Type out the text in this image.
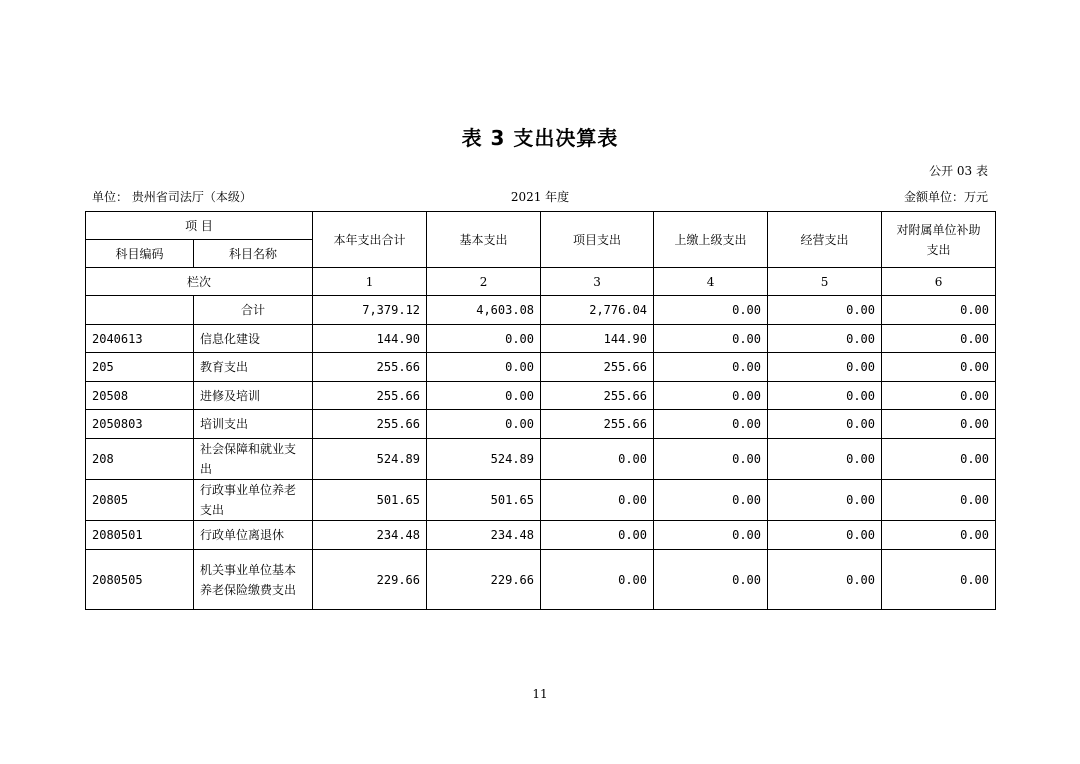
表 3 支出决算表
公开 03 表
单位： 贵州省司法厅（本级）	2021 年度	金额单位：万元
项 目		本年支出合计	基本支出	项目支出	上缴上级支出	经营支出	对附属单位补助支出
科目编码	科目名称						
栏次		1	2	3	4	5	6
	合计	7,379.12	4,603.08	2,776.04	0.00	0.00	0.00
2040613	信息化建设	144.90	0.00	144.90	0.00	0.00	0.00
205	教育支出	255.66	0.00	255.66	0.00	0.00	0.00
20508	进修及培训	255.66	0.00	255.66	0.00	0.00	0.00
2050803	培训支出	255.66	0.00	255.66	0.00	0.00	0.00
208	社会保障和就业支出	524.89	524.89	0.00	0.00	0.00	0.00
20805	行政事业单位养老支出	501.65	501.65	0.00	0.00	0.00	0.00
2080501	行政单位离退休	234.48	234.48	0.00	0.00	0.00	0.00
2080505	机关事业单位基本养老保险缴费支出	229.66	229.66	0.00	0.00	0.00	0.00
11
